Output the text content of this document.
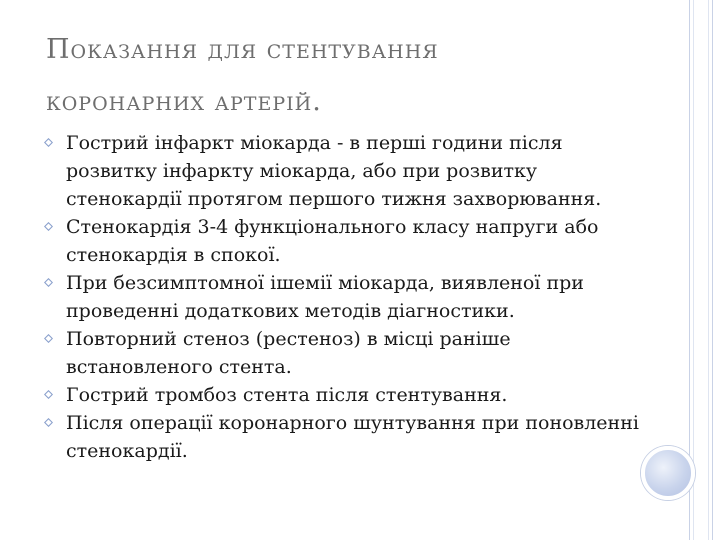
Показання для стентування
коронарних артерій.
Гострий інфаркт міокарда - в перші години після розвитку інфаркту міокарда, або при розвитку стенокардії протягом першого тижня захворювання.
Стенокардія 3-4 функціонального класу напруги або стенокардія в спокої.
При безсимптомної ішемії міокарда, виявленої при проведенні додаткових методів діагностики.
Повторний стеноз (рестеноз) в місці раніше встановленого стента.
Гострий тромбоз стента після стентування.
Після операції коронарного шунтування при поновленні стенокардії.
